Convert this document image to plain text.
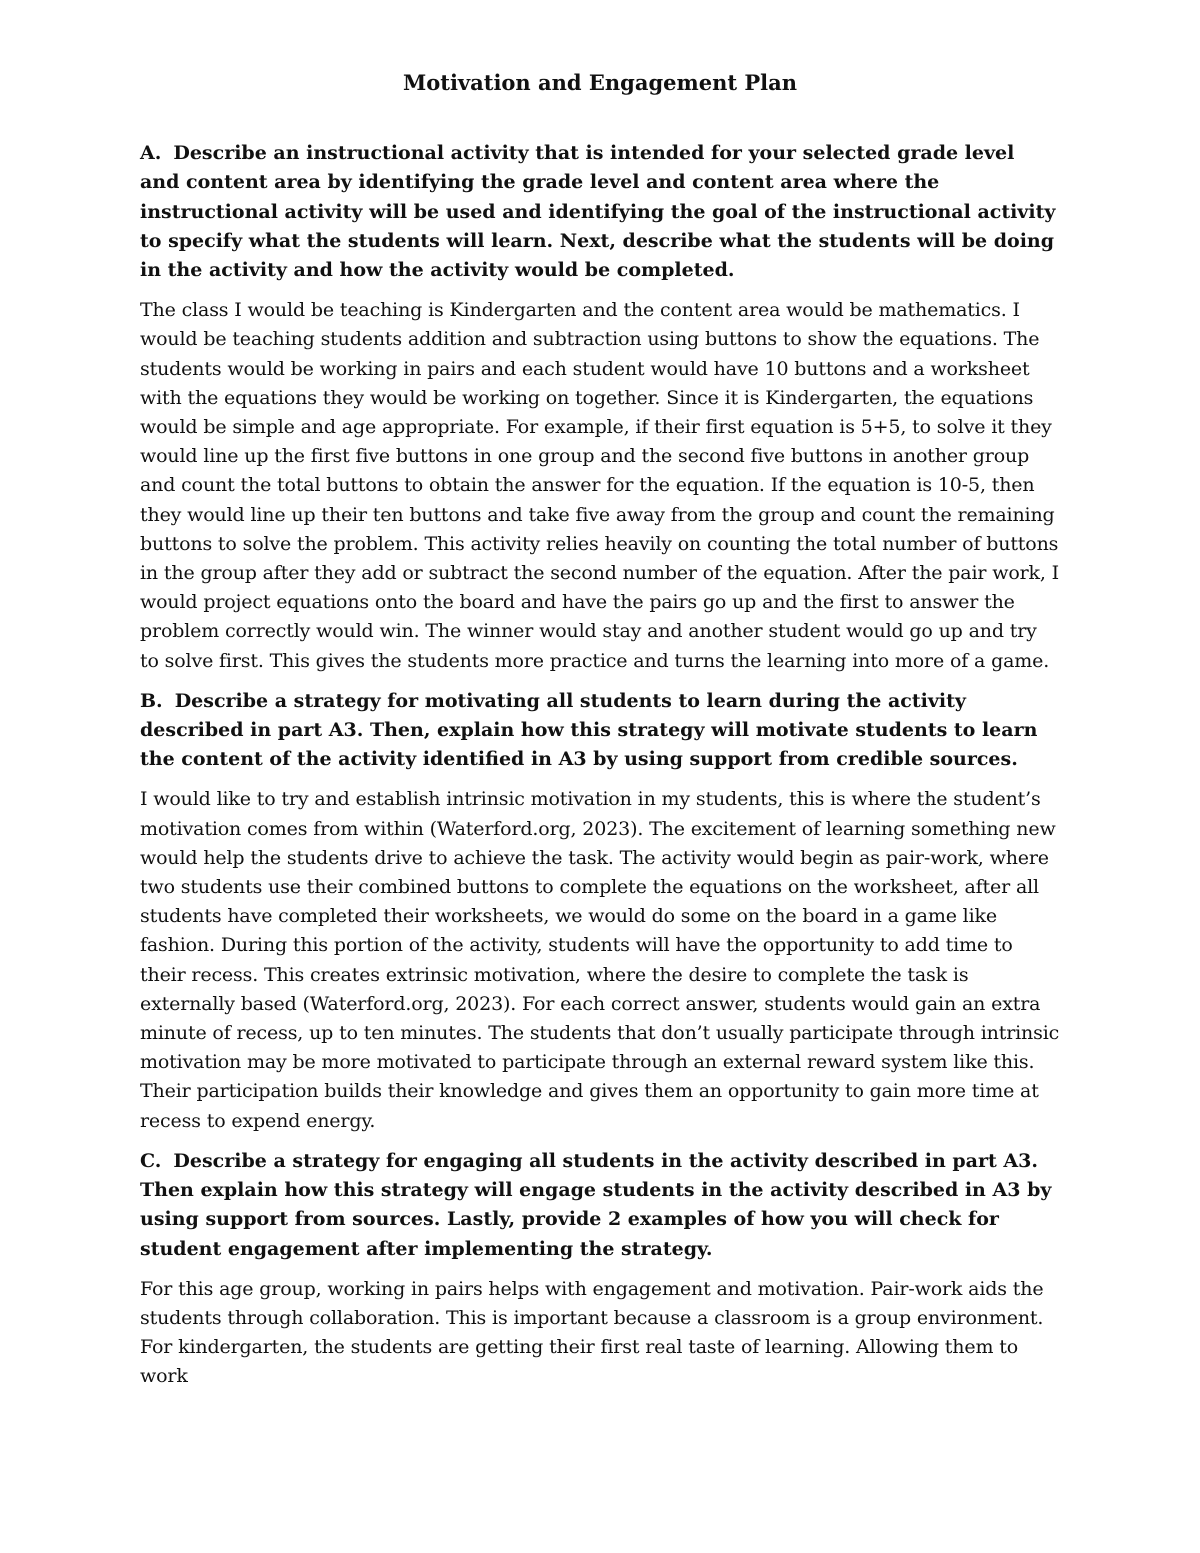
Motivation and Engagement Plan

A. Describe an instructional activity that is intended for your selected grade level and content area by identifying the grade level and content area where the instructional activity will be used and identifying the goal of the instructional activity to specify what the students will learn. Next, describe what the students will be doing in the activity and how the activity would be completed.

The class I would be teaching is Kindergarten and the content area would be mathematics. I would be teaching students addition and subtraction using buttons to show the equations. The students would be working in pairs and each student would have 10 buttons and a worksheet with the equations they would be working on together. Since it is Kindergarten, the equations would be simple and age appropriate. For example, if their first equation is 5+5, to solve it they would line up the first five buttons in one group and the second five buttons in another group and count the total buttons to obtain the answer for the equation. If the equation is 10-5, then they would line up their ten buttons and take five away from the group and count the remaining buttons to solve the problem. This activity relies heavily on counting the total number of buttons in the group after they add or subtract the second number of the equation. After the pair work, I would project equations onto the board and have the pairs go up and the first to answer the problem correctly would win. The winner would stay and another student would go up and try to solve first. This gives the students more practice and turns the learning into more of a game.

B. Describe a strategy for motivating all students to learn during the activity described in part A3. Then, explain how this strategy will motivate students to learn the content of the activity identified in A3 by using support from credible sources.

I would like to try and establish intrinsic motivation in my students, this is where the student’s motivation comes from within (Waterford.org, 2023). The excitement of learning something new would help the students drive to achieve the task. The activity would begin as pair-work, where two students use their combined buttons to complete the equations on the worksheet, after all students have completed their worksheets, we would do some on the board in a game like fashion. During this portion of the activity, students will have the opportunity to add time to their recess. This creates extrinsic motivation, where the desire to complete the task is externally based (Waterford.org, 2023). For each correct answer, students would gain an extra minute of recess, up to ten minutes. The students that don’t usually participate through intrinsic motivation may be more motivated to participate through an external reward system like this. Their participation builds their knowledge and gives them an opportunity to gain more time at recess to expend energy.

C. Describe a strategy for engaging all students in the activity described in part A3. Then explain how this strategy will engage students in the activity described in A3 by using support from sources. Lastly, provide 2 examples of how you will check for student engagement after implementing the strategy.

For this age group, working in pairs helps with engagement and motivation. Pair-work aids the students through collaboration. This is important because a classroom is a group environment. For kindergarten, the students are getting their first real taste of learning. Allowing them to work
